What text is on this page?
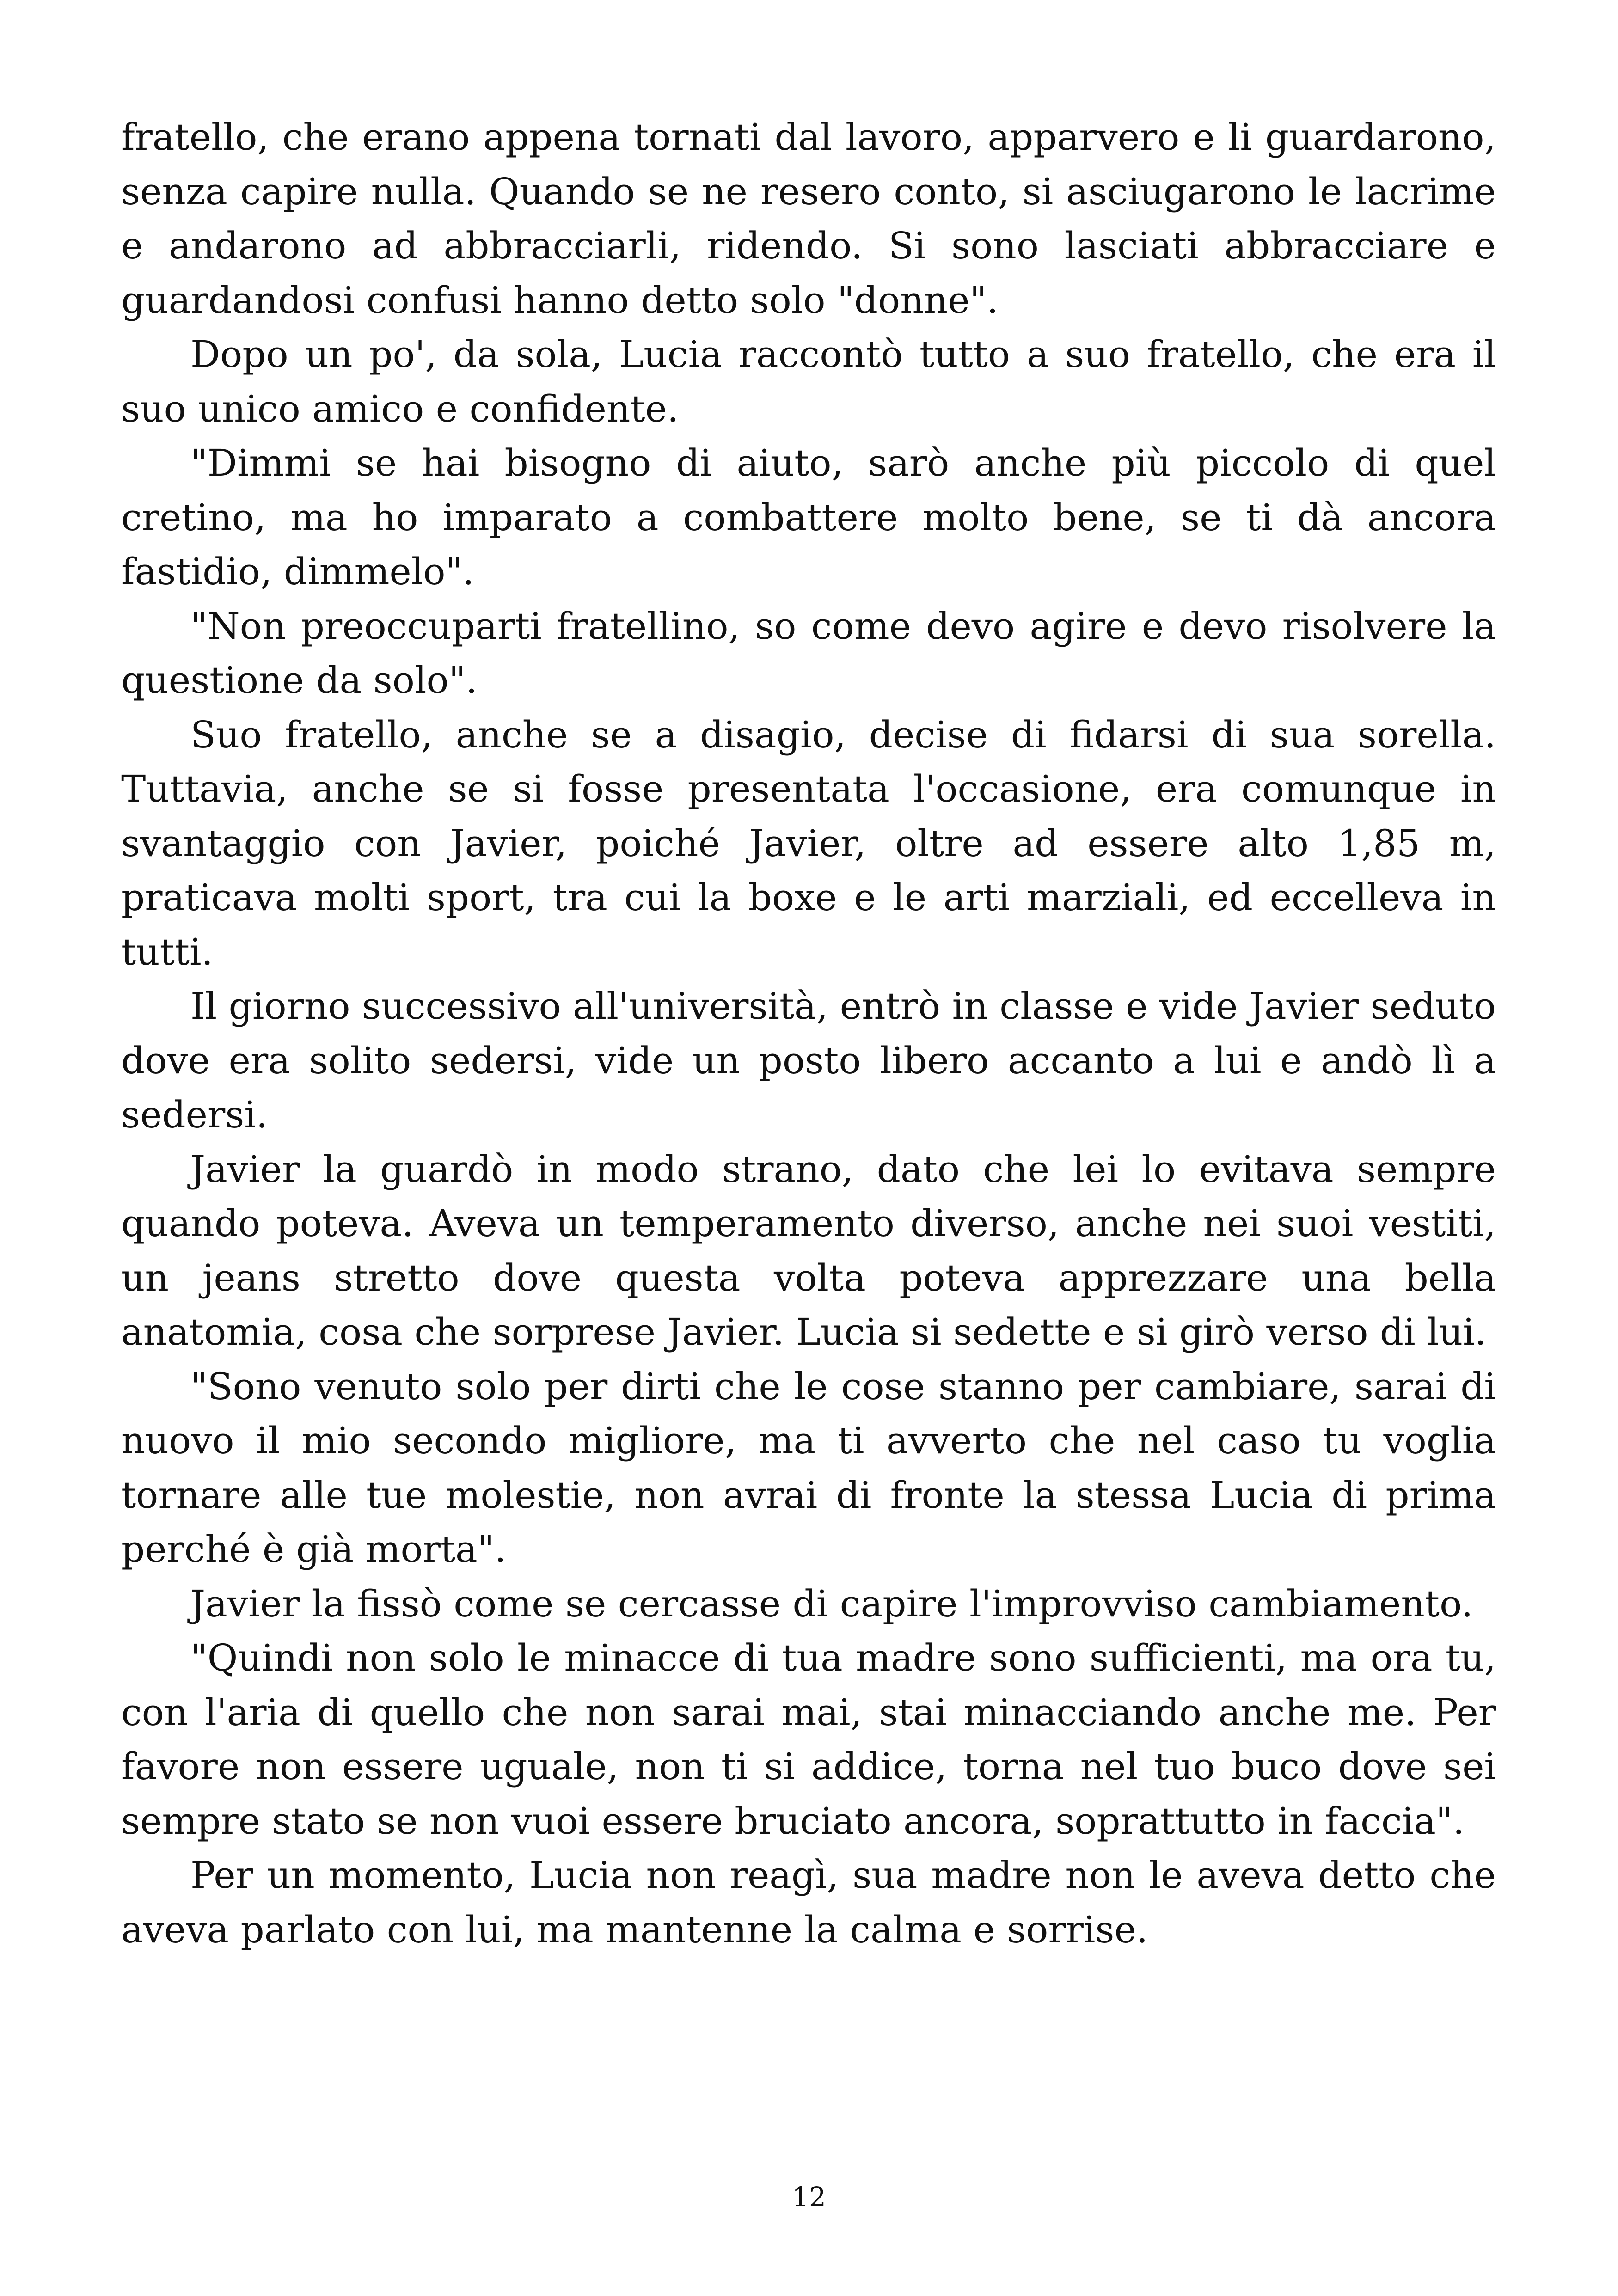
fratello, che erano appena tornati dal lavoro, apparvero e li guardarono, senza capire nulla. Quando se ne resero conto, si asciugarono le lacrime e andarono ad abbracciarli, ridendo. Si sono lasciati abbracciare e guardandosi confusi hanno detto solo "donne".

Dopo un po', da sola, Lucia raccontò tutto a suo fratello, che era il suo unico amico e confidente.

"Dimmi se hai bisogno di aiuto, sarò anche più piccolo di quel cretino, ma ho imparato a combattere molto bene, se ti dà ancora fastidio, dimmelo".

"Non preoccuparti fratellino, so come devo agire e devo risolvere la questione da solo".

Suo fratello, anche se a disagio, decise di fidarsi di sua sorella. Tuttavia, anche se si fosse presentata l'occasione, era comunque in svantaggio con Javier, poiché Javier, oltre ad essere alto 1,85 m, praticava molti sport, tra cui la boxe e le arti marziali, ed eccelleva in tutti.

Il giorno successivo all'università, entrò in classe e vide Javier seduto dove era solito sedersi, vide un posto libero accanto a lui e andò lì a sedersi.

Javier la guardò in modo strano, dato che lei lo evitava sempre quando poteva. Aveva un temperamento diverso, anche nei suoi vestiti, un jeans stretto dove questa volta poteva apprezzare una bella anatomia, cosa che sorprese Javier. Lucia si sedette e si girò verso di lui.

"Sono venuto solo per dirti che le cose stanno per cambiare, sarai di nuovo il mio secondo migliore, ma ti avverto che nel caso tu voglia tornare alle tue molestie, non avrai di fronte la stessa Lucia di prima perché è già morta".

Javier la fissò come se cercasse di capire l'improvviso cambiamento.

"Quindi non solo le minacce di tua madre sono sufficienti, ma ora tu, con l'aria di quello che non sarai mai, stai minacciando anche me. Per favore non essere uguale, non ti si addice, torna nel tuo buco dove sei sempre stato se non vuoi essere bruciato ancora, soprattutto in faccia".

Per un momento, Lucia non reagì, sua madre non le aveva detto che aveva parlato con lui, ma mantenne la calma e sorrise.

12
